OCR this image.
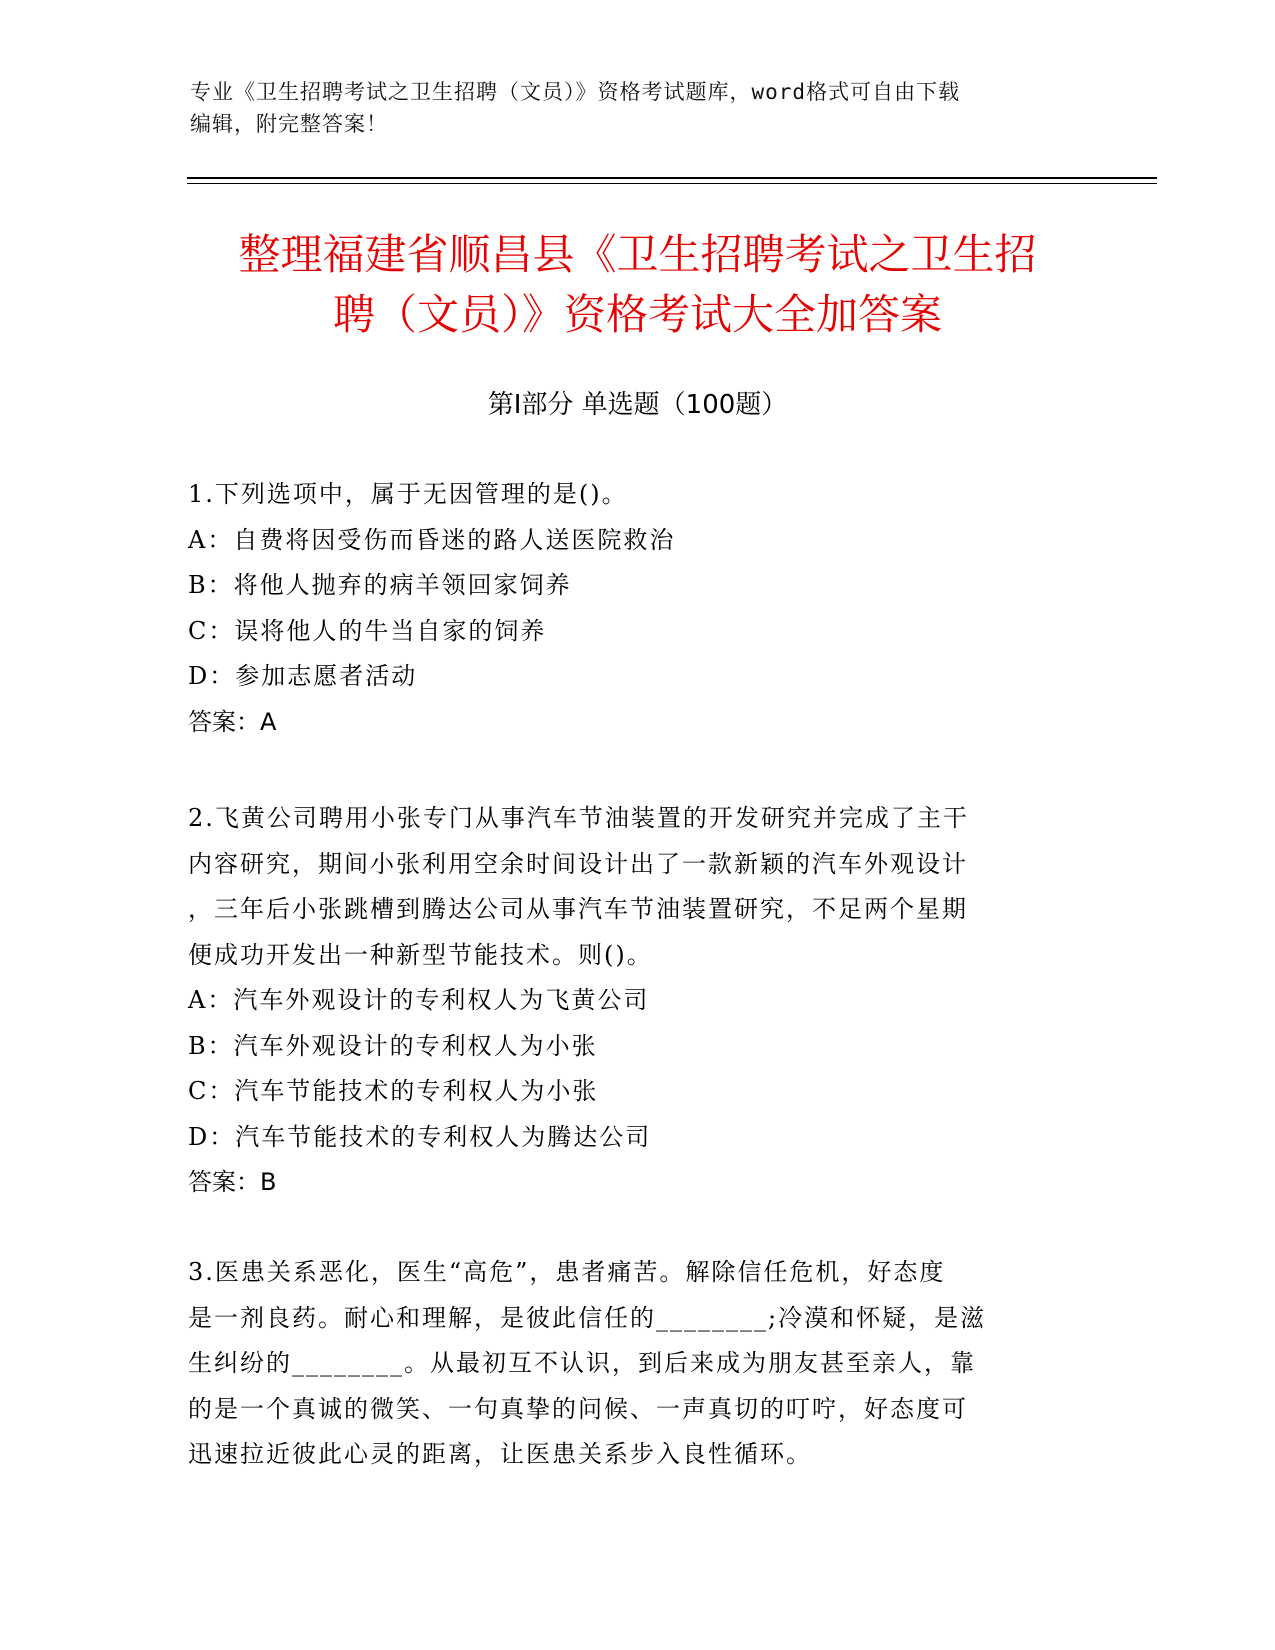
专业《卫生招聘考试之卫生招聘（文员）》资格考试题库，word格式可自由下载
编辑，附完整答案！
整理福建省顺昌县《卫生招聘考试之卫生招
聘（文员）》资格考试大全加答案
第Ⅰ部分 单选题（100题）
1.下列选项中，属于无因管理的是()。
A：自费将因受伤而昏迷的路人送医院救治
B：将他人抛弃的病羊领回家饲养
C：误将他人的牛当自家的饲养
D：参加志愿者活动
答案：A
2.飞黄公司聘用小张专门从事汽车节油装置的开发研究并完成了主干
内容研究，期间小张利用空余时间设计出了一款新颖的汽车外观设计
，三年后小张跳槽到腾达公司从事汽车节油装置研究，不足两个星期
便成功开发出一种新型节能技术。则()。
A：汽车外观设计的专利权人为飞黄公司
B：汽车外观设计的专利权人为小张
C：汽车节能技术的专利权人为小张
D：汽车节能技术的专利权人为腾达公司
答案：B
3.医患关系恶化，医生“高危”，患者痛苦。解除信任危机，好态度
是一剂良药。耐心和理解，是彼此信任的________;冷漠和怀疑，是滋
生纠纷的________。从最初互不认识，到后来成为朋友甚至亲人，靠
的是一个真诚的微笑、一句真挚的问候、一声真切的叮咛，好态度可
迅速拉近彼此心灵的距离，让医患关系步入良性循环。
